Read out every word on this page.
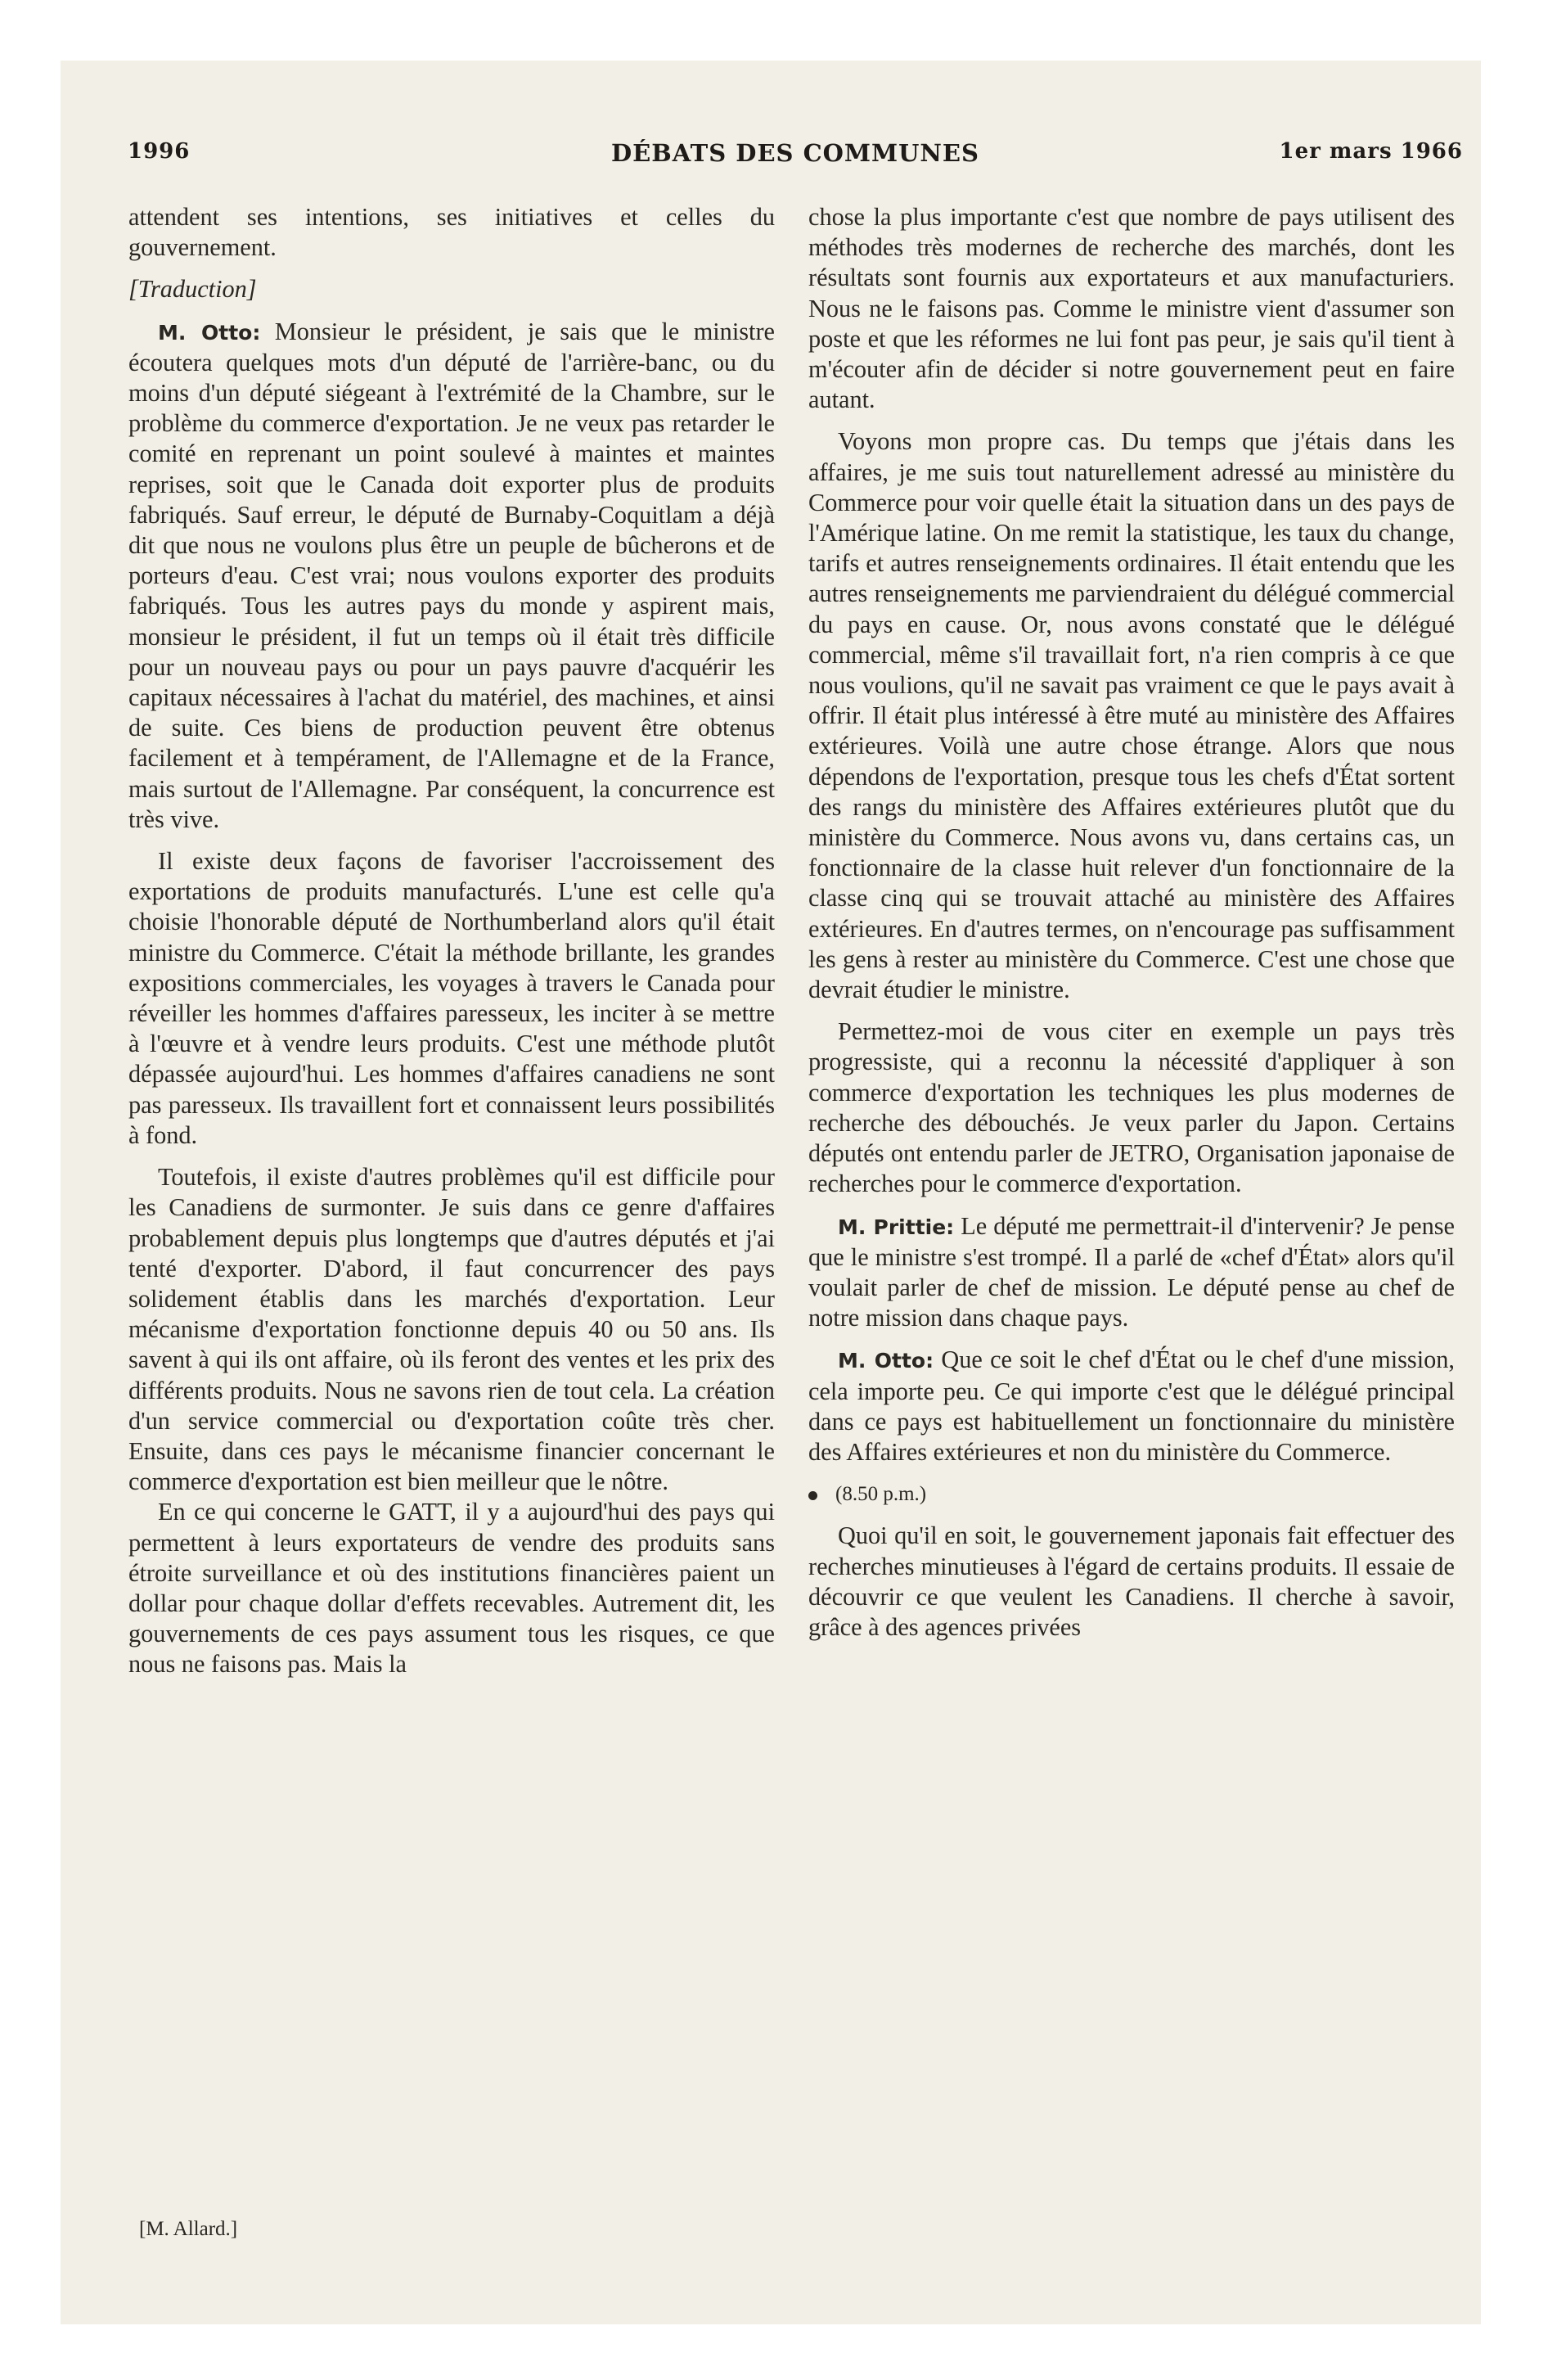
1996	DÉBATS DES COMMUNES	1er mars 1966

attendent ses intentions, ses initiatives et celles du gouvernement.

[Traduction]

M. Otto: Monsieur le président, je sais que le ministre écoutera quelques mots d'un député de l'arrière-banc, ou du moins d'un député siégeant à l'extrémité de la Chambre, sur le problème du commerce d'exportation. Je ne veux pas retarder le comité en reprenant un point soulevé à maintes et maintes reprises, soit que le Canada doit exporter plus de produits fabriqués. Sauf erreur, le député de Burnaby-Coquitlam a déjà dit que nous ne voulons plus être un peuple de bûcherons et de porteurs d'eau. C'est vrai; nous voulons exporter des produits fabriqués. Tous les autres pays du monde y aspirent mais, monsieur le président, il fut un temps où il était très difficile pour un nouveau pays ou pour un pays pauvre d'acquérir les capitaux nécessaires à l'achat du matériel, des machines, et ainsi de suite. Ces biens de production peuvent être obtenus facilement et à tempérament, de l'Allemagne et de la France, mais surtout de l'Allemagne. Par conséquent, la concurrence est très vive.

Il existe deux façons de favoriser l'accroissement des exportations de produits manufacturés. L'une est celle qu'a choisie l'honorable député de Northumberland alors qu'il était ministre du Commerce. C'était la méthode brillante, les grandes expositions commerciales, les voyages à travers le Canada pour réveiller les hommes d'affaires paresseux, les inciter à se mettre à l'œuvre et à vendre leurs produits. C'est une méthode plutôt dépassée aujourd'hui. Les hommes d'affaires canadiens ne sont pas paresseux. Ils travaillent fort et connaissent leurs possibilités à fond.

Toutefois, il existe d'autres problèmes qu'il est difficile pour les Canadiens de surmonter. Je suis dans ce genre d'affaires probablement depuis plus longtemps que d'autres députés et j'ai tenté d'exporter. D'abord, il faut concurrencer des pays solidement établis dans les marchés d'exportation. Leur mécanisme d'exportation fonctionne depuis 40 ou 50 ans. Ils savent à qui ils ont affaire, où ils feront des ventes et les prix des différents produits. Nous ne savons rien de tout cela. La création d'un service commercial ou d'exportation coûte très cher. Ensuite, dans ces pays le mécanisme financier concernant le commerce d'exportation est bien meilleur que le nôtre.

En ce qui concerne le GATT, il y a aujourd'hui des pays qui permettent à leurs exportateurs de vendre des produits sans étroite surveillance et où des institutions financières paient un dollar pour chaque dollar d'effets recevables. Autrement dit, les gouvernements de ces pays assument tous les risques, ce que nous ne faisons pas. Mais la

chose la plus importante c'est que nombre de pays utilisent des méthodes très modernes de recherche des marchés, dont les résultats sont fournis aux exportateurs et aux manufacturiers. Nous ne le faisons pas. Comme le ministre vient d'assumer son poste et que les réformes ne lui font pas peur, je sais qu'il tient à m'écouter afin de décider si notre gouvernement peut en faire autant.

Voyons mon propre cas. Du temps que j'étais dans les affaires, je me suis tout naturellement adressé au ministère du Commerce pour voir quelle était la situation dans un des pays de l'Amérique latine. On me remit la statistique, les taux du change, tarifs et autres renseignements ordinaires. Il était entendu que les autres renseignements me parviendraient du délégué commercial du pays en cause. Or, nous avons constaté que le délégué commercial, même s'il travaillait fort, n'a rien compris à ce que nous voulions, qu'il ne savait pas vraiment ce que le pays avait à offrir. Il était plus intéressé à être muté au ministère des Affaires extérieures. Voilà une autre chose étrange. Alors que nous dépendons de l'exportation, presque tous les chefs d'État sortent des rangs du ministère des Affaires extérieures plutôt que du ministère du Commerce. Nous avons vu, dans certains cas, un fonctionnaire de la classe huit relever d'un fonctionnaire de la classe cinq qui se trouvait attaché au ministère des Affaires extérieures. En d'autres termes, on n'encourage pas suffisamment les gens à rester au ministère du Commerce. C'est une chose que devrait étudier le ministre.

Permettez-moi de vous citer en exemple un pays très progressiste, qui a reconnu la nécessité d'appliquer à son commerce d'exportation les techniques les plus modernes de recherche des débouchés. Je veux parler du Japon. Certains députés ont entendu parler de JETRO, Organisation japonaise de recherches pour le commerce d'exportation.

M. Prittie: Le député me permettrait-il d'intervenir? Je pense que le ministre s'est trompé. Il a parlé de «chef d'État» alors qu'il voulait parler de chef de mission. Le député pense au chef de notre mission dans chaque pays.

M. Otto: Que ce soit le chef d'État ou le chef d'une mission, cela importe peu. Ce qui importe c'est que le délégué principal dans ce pays est habituellement un fonctionnaire du ministère des Affaires extérieures et non du ministère du Commerce.

(8.50 p.m.)

Quoi qu'il en soit, le gouvernement japonais fait effectuer des recherches minutieuses à l'égard de certains produits. Il essaie de découvrir ce que veulent les Canadiens. Il cherche à savoir, grâce à des agences privées

[M. Allard.]
